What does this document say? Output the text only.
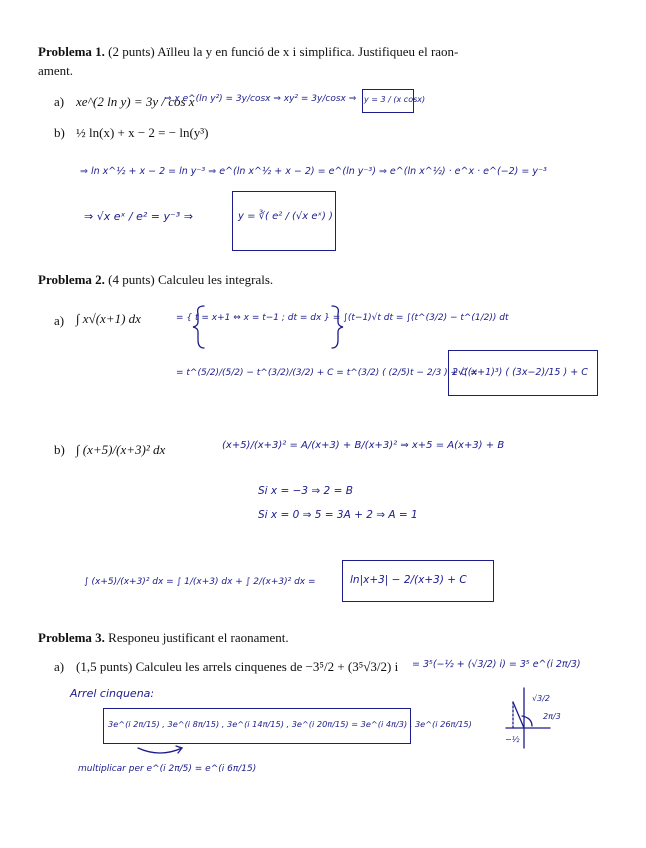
Problema 1. (2 punts) Aïlleu la y en funció de x i simplifica. Justifiqueu el raon-
ament.
a) xe^(2 ln y) = 3y / cos x
⇒ x e^(ln y²) = 3y/cosx ⇒ xy² = 3y/cosx ⇒ y = 3 / (x cosx)
b) ½ ln(x) + x − 2 = − ln(y³)
⇒ ln x^½ + x − 2 = ln y⁻³ ⇒ e^(ln x^½ + x − 2) = e^(ln y⁻³) ⇒ e^(ln x^½) · e^x · e^(−2) = y⁻³
⇒ √x eˣ / e² = y⁻³ ⇒	y = ∛( e² / (√x eˣ) )
Problema 2. (4 punts) Calculeu les integrals.
a) ∫ x√(x+1) dx	= { t = x+1 ⇔ x = t−1 ; dt = dx } = ∫(t−1)√t dt = ∫(t^(3/2) − t^(1/2)) dt
= t^(5/2)/(5/2) − t^(3/2)/(3/2) + C = t^(3/2) ( (2/5)t − 2/3 ) + C =
2√((x+1)³) ( (3x−2)/15 ) + C
b) ∫ (x+5)/(x+3)² dx	(x+5)/(x+3)² = A/(x+3) + B/(x+3)² ⇒ x+5 = A(x+3) + B
Si x = −3 ⇒ 2 = B
Si x = 0 ⇒ 5 = 3A + 2 ⇒ A = 1
∫ (x+5)/(x+3)² dx = ∫ 1/(x+3) dx + ∫ 2/(x+3)² dx =	ln|x+3| − 2/(x+3) + C
Problema 3. Responeu justificant el raonament.
a) (1,5 punts) Calculeu les arrels cinquenes de −3⁵/2 + (3⁵√3/2) i = 3⁵(−½ + (√3/2) i) = 3⁵ e^(i 2π/3)
Arrel cinquena:
3e^(i 2π/15) , 3e^(i 8π/15) , 3e^(i 14π/15) , 3e^(i 20π/15) = 3e^(i 4π/3) , 3e^(i 26π/15)
multiplicar per e^(i 2π/5) = e^(i 6π/15)
√3/2
2π/3
−½
